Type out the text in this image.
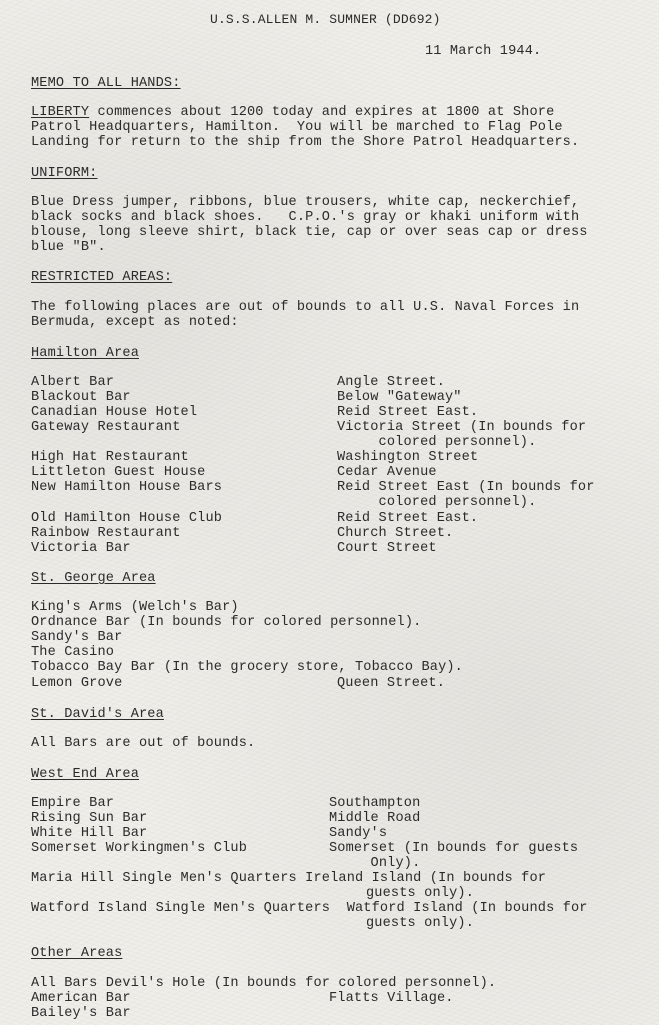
U.S.S.ALLEN M. SUMNER (DD692)
11 March 1944.
MEMO TO ALL HANDS:
LIBERTY commences about 1200 today and expires at 1800 at Shore
Patrol Headquarters, Hamilton.  You will be marched to Flag Pole
Landing for return to the ship from the Shore Patrol Headquarters.
UNIFORM:
Blue Dress jumper, ribbons, blue trousers, white cap, neckerchief,
black socks and black shoes.   C.P.O.'s gray or khaki uniform with
blouse, long sleeve shirt, black tie, cap or over seas cap or dress
blue "B".
RESTRICTED AREAS:
The following places are out of bounds to all U.S. Naval Forces in
Bermuda, except as noted:
Hamilton Area
Albert Bar	Angle Street.
Blackout Bar	Below "Gateway"
Canadian House Hotel	Reid Street East.
Gateway Restaurant	Victoria Street (In bounds for
colored personnel).
High Hat Restaurant	Washington Street
Littleton Guest House	Cedar Avenue
New Hamilton House Bars	Reid Street East (In bounds for
colored personnel).
Old Hamilton House Club	Reid Street East.
Rainbow Restaurant	Church Street.
Victoria Bar	Court Street
St. George Area
King's Arms (Welch's Bar)
Ordnance Bar (In bounds for colored personnel).
Sandy's Bar
The Casino
Tobacco Bay Bar (In the grocery store, Tobacco Bay).
Lemon Grove	Queen Street.
St. David's Area
All Bars are out of bounds.
West End Area
Empire Bar	Southampton
Rising Sun Bar	Middle Road
White Hill Bar	Sandy's
Somerset Workingmen's Club	Somerset (In bounds for guests
Only).
Maria Hill Single Men's Quarters Ireland Island (In bounds for
guests only).
Watford Island Single Men's Quarters  Watford Island (In bounds for
guests only).
Other Areas
All Bars Devil's Hole (In bounds for colored personnel).
American Bar	Flatts Village.
Bailey's Bar
